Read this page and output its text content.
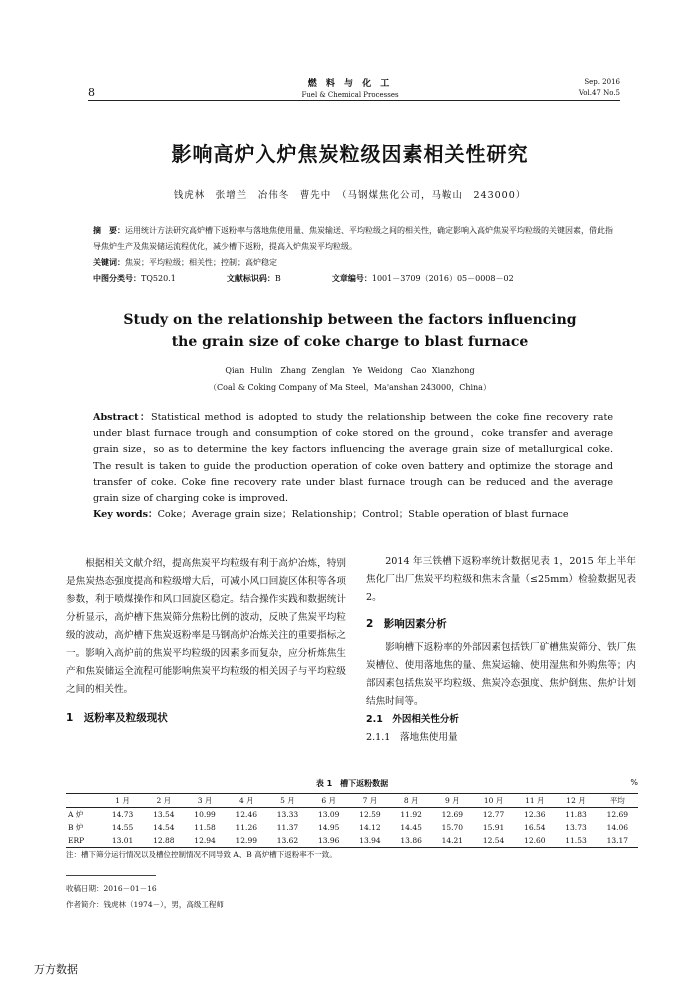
8
燃 料 与 化 工
Fuel & Chemical Processes
Sep. 2016
Vol.47 No.5
影响高炉入炉焦炭粒级因素相关性研究
钱虎林　张增兰　冶伟冬　曹先中　（马钢煤焦化公司，马鞍山　243000）
摘　要：运用统计方法研究高炉槽下返粉率与落地焦使用量、焦炭输送、平均粒级之间的相关性，确定影响入高炉焦炭平均粒级的关键因素，借此指导焦炉生产及焦炭储运流程优化，减少槽下返粉，提高入炉焦炭平均粒级。
关键词：焦炭；平均粒级；相关性；控制；高炉稳定
中图分类号：TQ520.1	文献标识码：B	文章编号：1001－3709（2016）05－0008－02
Study on the relationship between the factors influencing
the grain size of coke charge to blast furnace
Qian Hulin　Zhang Zenglan　Ye Weidong　Cao Xianzhong
（Coal & Coking Company of Ma Steel，Ma'anshan 243000，China）
Abstract：Statistical method is adopted to study the relationship between the coke fine recovery rate under blast furnace trough and consumption of coke stored on the ground，coke transfer and average grain size，so as to determine the key factors influencing the average grain size of metallurgical coke. The result is taken to guide the production operation of coke oven battery and optimize the storage and transfer of coke. Coke fine recovery rate under blast furnace trough can be reduced and the average grain size of charging coke is improved.
Key words：Coke；Average grain size；Relationship；Control；Stable operation of blast furnace
根据相关文献介绍，提高焦炭平均粒级有利于高炉冶炼，特别是焦炭热态强度提高和粒级增大后，可减小风口回旋区体积等各项参数，利于喷煤操作和风口回旋区稳定。结合操作实践和数据统计分析显示，高炉槽下焦炭筛分焦粉比例的波动，反映了焦炭平均粒级的波动，高炉槽下焦炭返粉率是马钢高炉冶炼关注的重要指标之一。影响入高炉前的焦炭平均粒级的因素多而复杂，应分析炼焦生产和焦炭储运全流程可能影响焦炭平均粒级的相关因子与平均粒级之间的相关性。
1　返粉率及粒级现状
2014 年三铁槽下返粉率统计数据见表 1，2015 年上半年焦化厂出厂焦炭平均粒级和焦末含量（≤25mm）检验数据见表 2。
2　影响因素分析
影响槽下返粉率的外部因素包括铁厂矿槽焦炭筛分、铁厂焦炭槽位、使用落地焦的量、焦炭运输、使用湿焦和外购焦等；内部因素包括焦炭平均粒级、焦炭冷态强度、焦炉倒焦、焦炉计划结焦时间等。
2.1　外因相关性分析
2.1.1　落地焦使用量
表 1　槽下返粉数据	%
	1 月	2 月	3 月	4 月	5 月	6 月	7 月	8 月	9 月	10 月	11 月	12 月	平均
A 炉	14.73	13.54	10.99	12.46	13.33	13.09	12.59	11.92	12.69	12.77	12.36	11.83	12.69
B 炉	14.55	14.54	11.58	11.26	11.37	14.95	14.12	14.45	15.70	15.91	16.54	13.73	14.06
ERP	13.01	12.88	12.94	12.99	13.62	13.96	13.94	13.86	14.21	12.54	12.60	11.53	13.17
注：槽下筛分运行情况以及槽位控制情况不同导致 A、B 高炉槽下返粉率不一致。
收稿日期：2016－01－16
作者简介：钱虎林（1974－），男，高级工程师
万方数据
